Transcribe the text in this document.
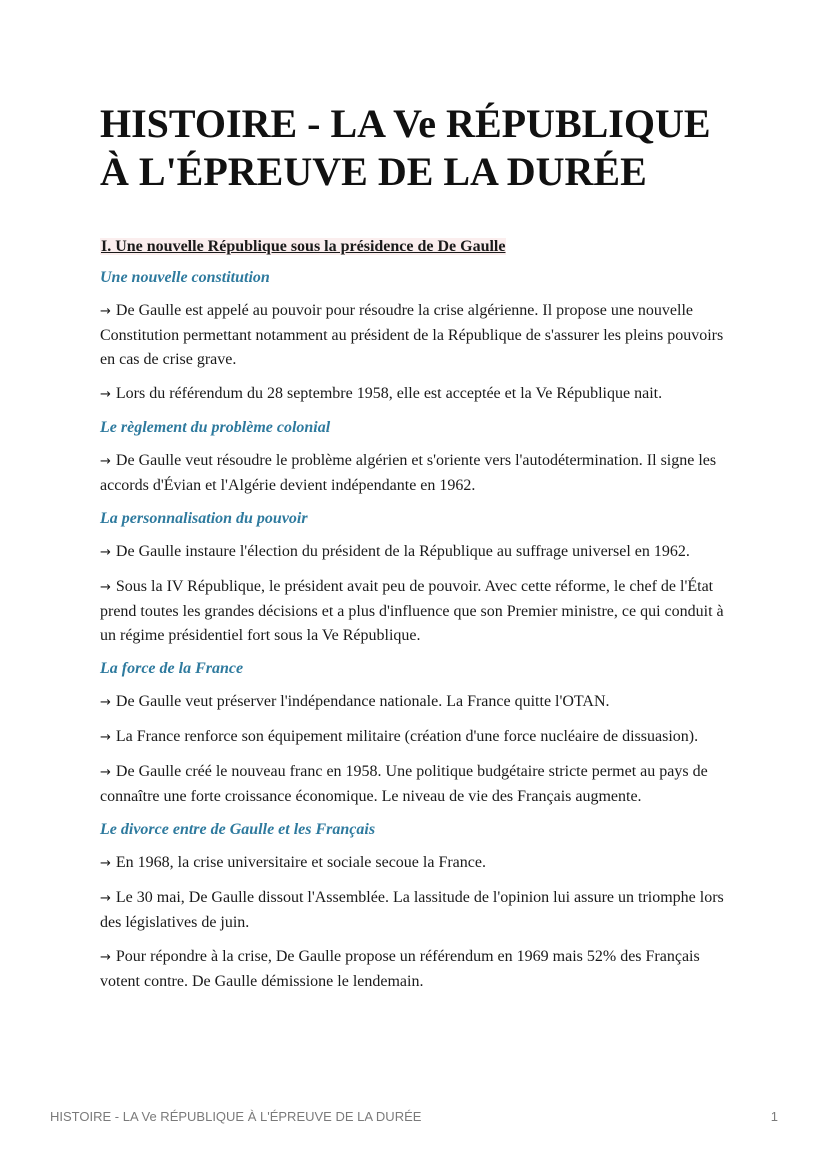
HISTOIRE - LA Ve RÉPUBLIQUE À L'ÉPREUVE DE LA DURÉE
I. Une nouvelle République sous la présidence de De Gaulle
Une nouvelle constitution

→ De Gaulle est appelé au pouvoir pour résoudre la crise algérienne. Il propose une nouvelle Constitution permettant notamment au président de la République de s'assurer les pleins pouvoirs en cas de crise grave.

→ Lors du référendum du 28 septembre 1958, elle est acceptée et la Ve République nait.

Le règlement du problème colonial

→ De Gaulle veut résoudre le problème algérien et s'oriente vers l'autodétermination. Il signe les accords d'Évian et l'Algérie devient indépendante en 1962.

La personnalisation du pouvoir

→ De Gaulle instaure l'élection du président de la République au suffrage universel en 1962.

→ Sous la IV République, le président avait peu de pouvoir. Avec cette réforme, le chef de l'État prend toutes les grandes décisions et a plus d'influence que son Premier ministre, ce qui conduit à un régime présidentiel fort sous la Ve République.

La force de la France

→ De Gaulle veut préserver l'indépendance nationale. La France quitte l'OTAN.

→ La France renforce son équipement militaire (création d'une force nucléaire de dissuasion).

→ De Gaulle créé le nouveau franc en 1958. Une politique budgétaire stricte permet au pays de connaître une forte croissance économique. Le niveau de vie des Français augmente.

Le divorce entre de Gaulle et les Français

→ En 1968, la crise universitaire et sociale secoue la France.

→ Le 30 mai, De Gaulle dissout l'Assemblée. La lassitude de l'opinion lui assure un triomphe lors des législatives de juin.

→ Pour répondre à la crise, De Gaulle propose un référendum en 1969 mais 52% des Français votent contre. De Gaulle démissione le lendemain.

HISTOIRE - LA Ve RÉPUBLIQUE À L'ÉPREUVE DE LA DURÉE	1
